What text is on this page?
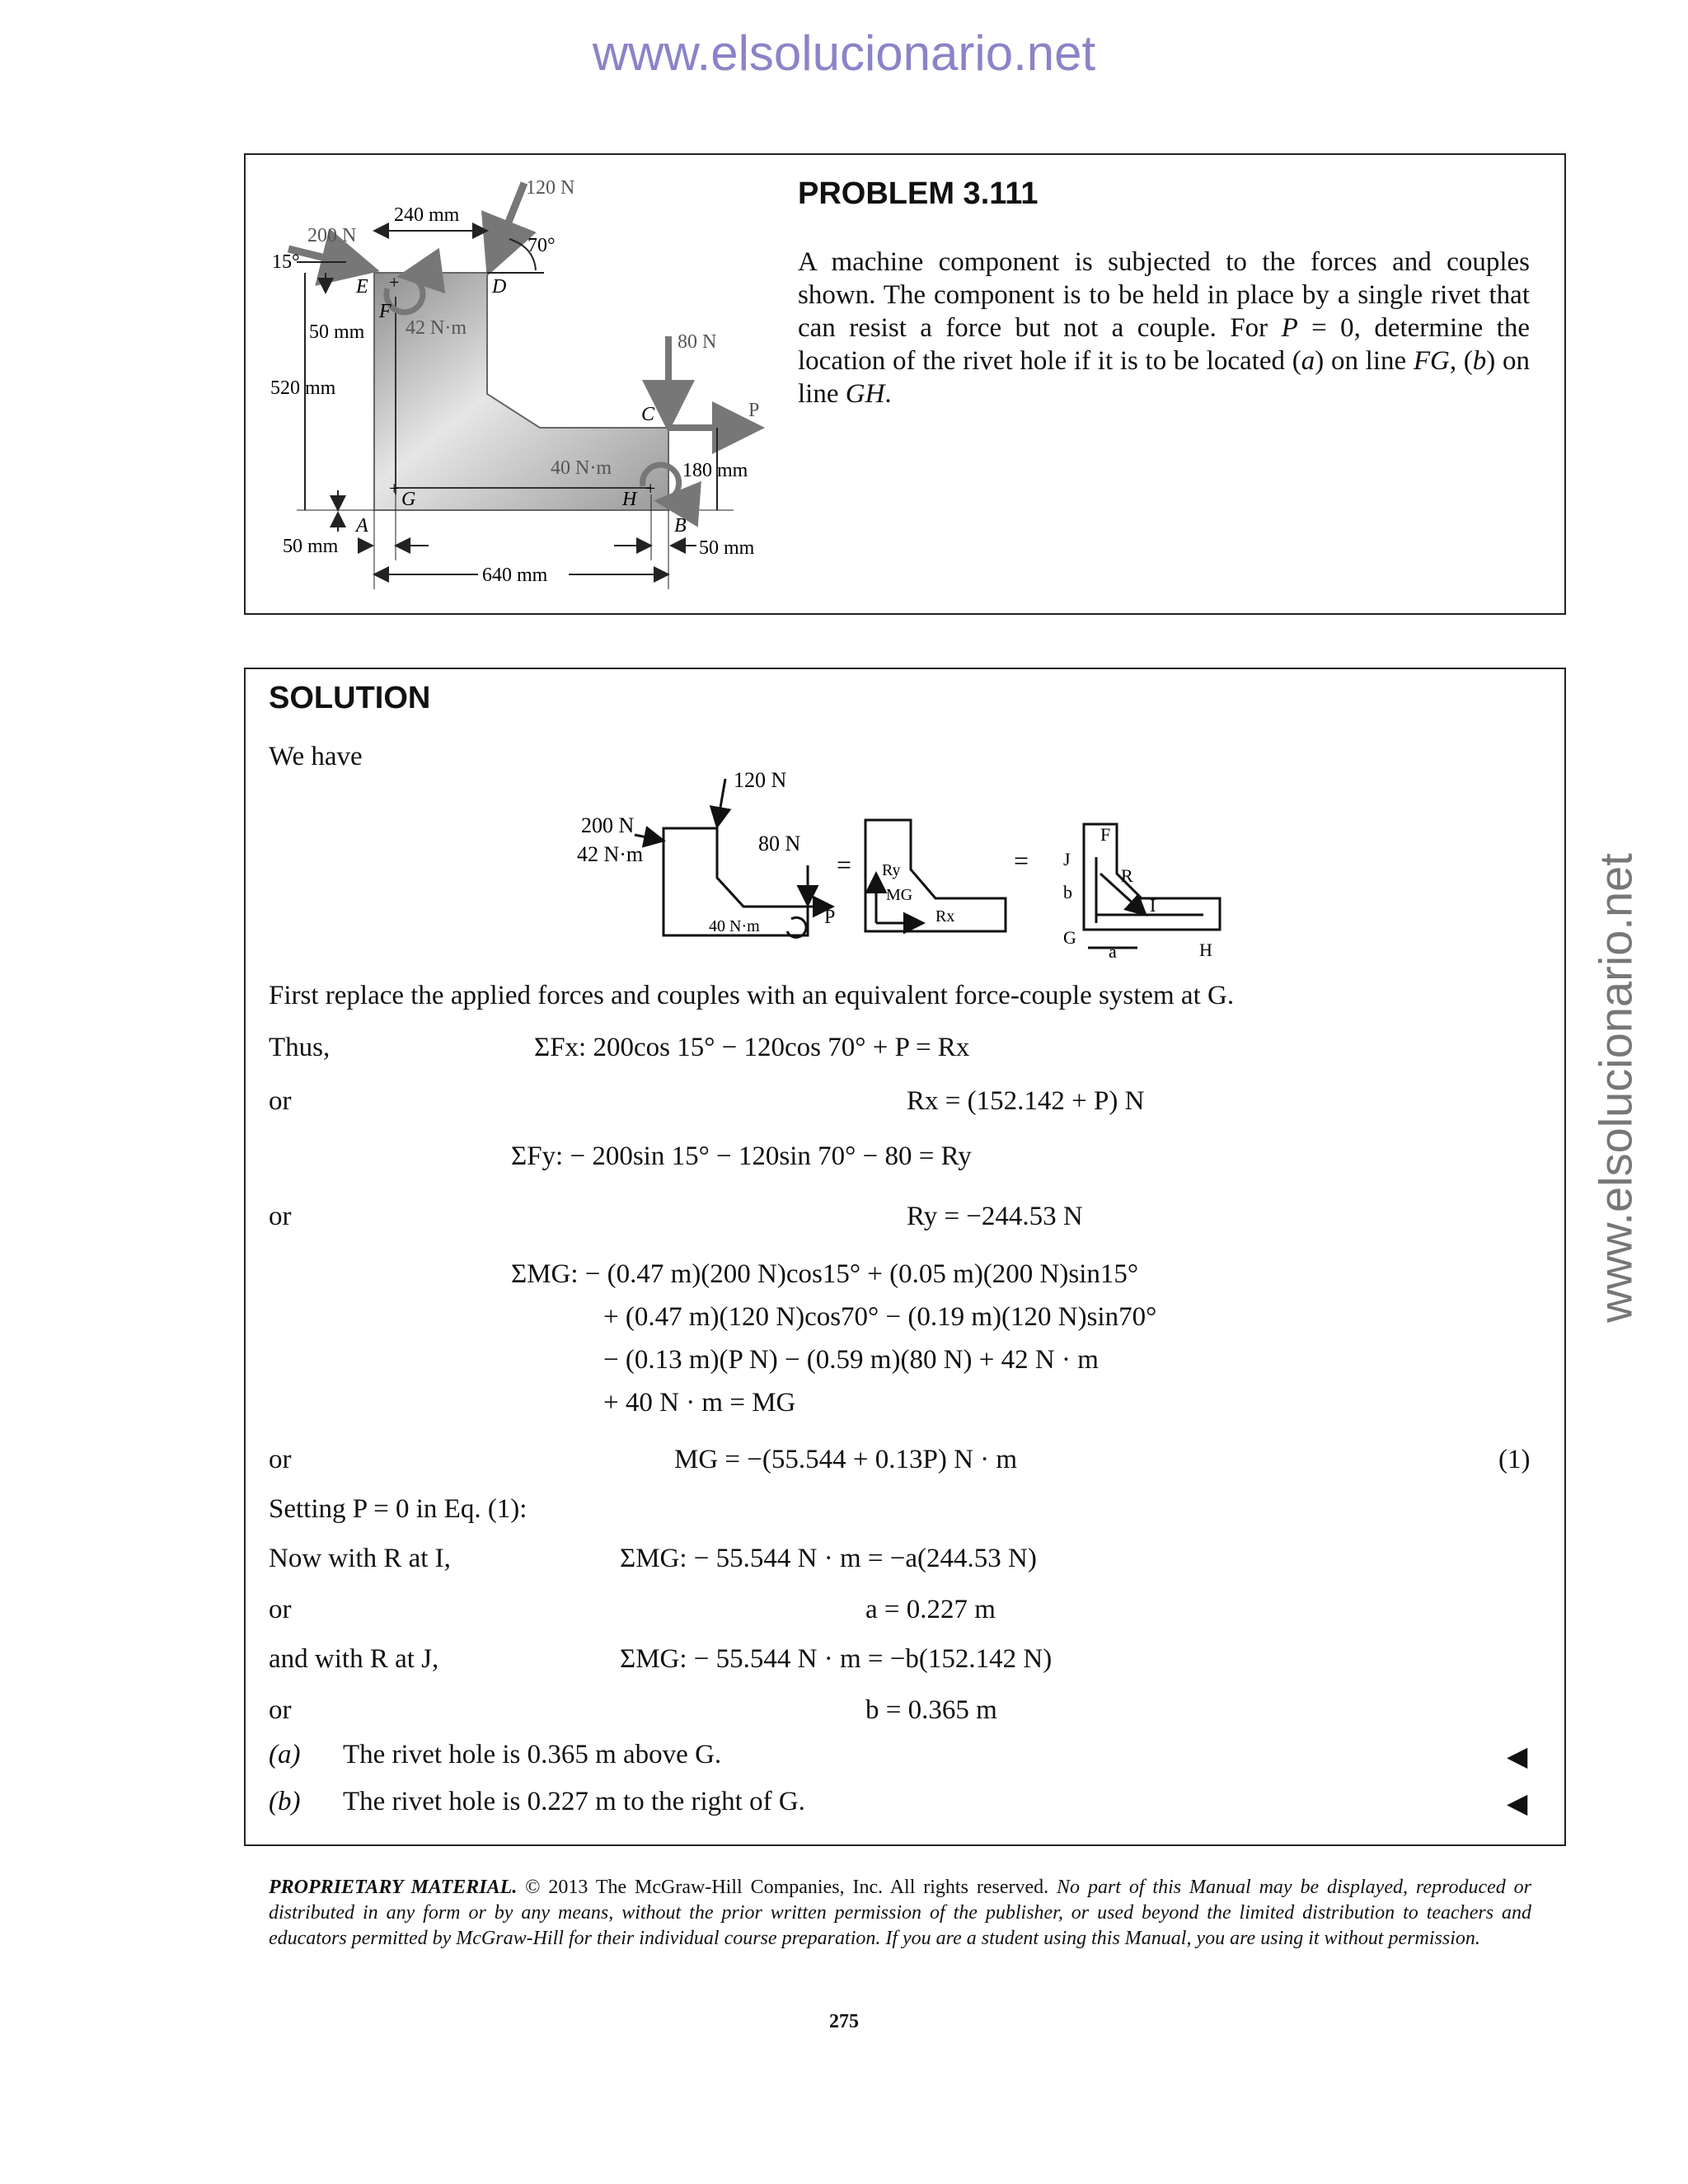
www.elsolucionario.net
www.elsolucionario.net
+
+	+
200 N
15°
120 N
70°
240 mm
42 N·m
E
F
D
50 mm
520 mm
80 N
P
C
180 mm
40 N·m
G	H
A	B
50 mm	50 mm
640 mm
PROBLEM 3.111
A machine component is subjected to the forces and couples shown. The component is to be held in place by a single rivet that can resist a force but not a couple. For P = 0, determine the location of the rivet hole if it is to be located (a) on line FG, (b) on line GH.
SOLUTION
We have
120 N
200 N
42 N·m	80 N
40 N·m	P
= Ry
MG
Rx
=
F
J
R
b
I
G
a	H
First replace the applied forces and couples with an equivalent force-couple system at G.
Thus,	ΣFx: 200cos 15° − 120cos 70° + P = Rx
or	Rx = (152.142 + P) N
ΣFy: − 200sin 15° − 120sin 70° − 80 = Ry
or	Ry = −244.53 N
ΣMG: − (0.47 m)(200 N)cos15° + (0.05 m)(200 N)sin15°
+ (0.47 m)(120 N)cos70° − (0.19 m)(120 N)sin70°
− (0.13 m)(P N) − (0.59 m)(80 N) + 42 N · m
+ 40 N · m = MG
or	MG = −(55.544 + 0.13P) N · m	(1)
Setting P = 0 in Eq. (1):
Now with R at I,	ΣMG: − 55.544 N · m = −a(244.53 N)
or	a = 0.227 m
and with R at J,	ΣMG: − 55.544 N · m = −b(152.142 N)
or	b = 0.365 m
(a) The rivet hole is 0.365 m above G.	◀
(b) The rivet hole is 0.227 m to the right of G.	◀
PROPRIETARY MATERIAL. © 2013 The McGraw-Hill Companies, Inc. All rights reserved. No part of this Manual may be displayed, reproduced or distributed in any form or by any means, without the prior written permission of the publisher, or used beyond the limited distribution to teachers and educators permitted by McGraw-Hill for their individual course preparation. If you are a student using this Manual, you are using it without permission.
275
